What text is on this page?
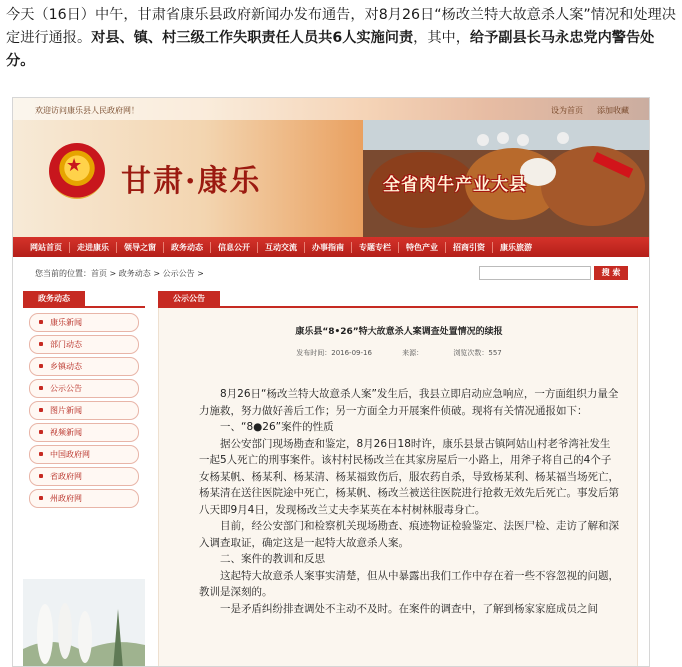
今天（16日）中午，甘肃省康乐县政府新闻办发布通告，对8月26日“杨改兰特大故意杀人案”情况和处理决定进行通报。对县、镇、村三级工作失职责任人员共6人实施问责，其中，给予副县长马永忠党内警告处分。
欢迎访问康乐县人民政府网！	设为首页 添加收藏
★ 甘肃·康乐	全省肉牛产业大县
网站首页	走进康乐	领导之窗	政务动态	信息公开	互动交流	办事指南	专题专栏	特色产业	招商引资	康乐旅游
您当前的位置：首页 > 政务动态 > 公示公告 >	搜 索
政务动态
康乐新闻
部门动态
乡镇动态
公示公告
图片新闻
视频新闻
中国政府网
省政府网
州政府网
公示公告
康乐县“8•26”特大故意杀人案调查处置情况的续报
发布时间：2016-09-16	来源：	浏览次数：557

8月26日“杨改兰特大故意杀人案”发生后，我县立即启动应急响应，一方面组织力量全力施救，努力做好善后工作；另一方面全力开展案件侦破。现将有关情况通报如下：

一、“8●26”案件的性质

据公安部门现场勘查和鉴定，8月26日18时许，康乐县景古镇阿姑山村老爷湾社发生一起5人死亡的刑事案件。该村村民杨改兰在其家房屋后一小路上，用斧子将自己的4个子女杨某帆、杨某利、杨某清、杨某福致伤后，服农药自杀，导致杨某利、杨某福当场死亡，杨某清在送往医院途中死亡，杨某帆、杨改兰被送往医院进行抢救无效先后死亡。事发后第八天即9月4日，发现杨改兰丈夫李某英在本村树林服毒身亡。

目前，经公安部门和检察机关现场勘查、痕迹物证检验鉴定、法医尸检、走访了解和深入调查取证，确定这是一起特大故意杀人案。

二、案件的教训和反思

这起特大故意杀人案事实清楚，但从中暴露出我们工作中存在着一些不容忽视的问题，教训是深刻的。

一是矛盾纠纷排查调处不主动不及时。在案件的调查中，了解到杨家家庭成员之间
